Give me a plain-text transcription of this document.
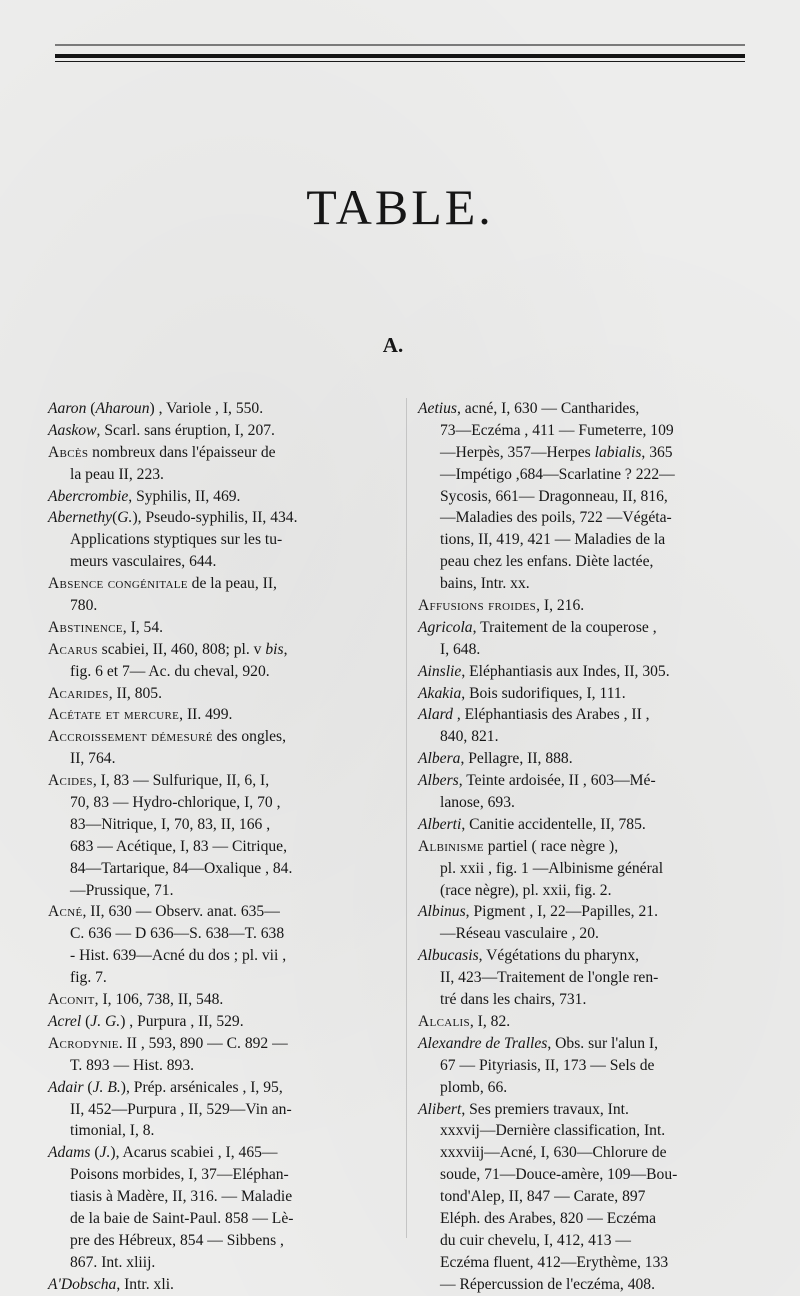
TABLE.
A.
Aaron (Aharoun) , Variole , I, 550.
Aaskow, Scarl. sans éruption, I, 207.
Abcès nombreux dans l'épaisseur de
la peau II, 223.
Abercrombie, Syphilis, II, 469.
Abernethy(G.), Pseudo-syphilis, II, 434.
Applications styptiques sur les tu-
meurs vasculaires, 644.
Absence congénitale de la peau, II,
780.
Abstinence, I, 54.
Acarus scabiei, II, 460, 808; pl. v bis,
fig. 6 et 7— Ac. du cheval, 920.
Acarides, II, 805.
Acétate et mercure, II. 499.
Accroissement démesuré des ongles,
II, 764.
Acides, I, 83 — Sulfurique, II, 6, I,
70, 83 — Hydro-chlorique, I, 70 ,
83—Nitrique, I, 70, 83, II, 166 ,
683 — Acétique, I, 83 — Citrique,
84—Tartarique, 84—Oxalique , 84.
—Prussique, 71.
Acné, II, 630 — Observ. anat. 635—
C. 636 — D 636—S. 638—T. 638
- Hist. 639—Acné du dos ; pl. vii ,
fig. 7.
Aconit, I, 106, 738, II, 548.
Acrel (J. G.) , Purpura , II, 529.
Acrodynie. II , 593, 890 — C. 892 —
T. 893 — Hist. 893.
Adair (J. B.), Prép. arsénicales , I, 95,
II, 452—Purpura , II, 529—Vin an-
timonial, I, 8.
Adams (J.), Acarus scabiei , I, 465—
Poisons morbides, I, 37—Eléphan-
tiasis à Madère, II, 316. — Maladie
de la baie de Saint-Paul. 858 — Lè-
pre des Hébreux, 854 — Sibbens ,
867. Int. xliij.
A'Dobscha, Intr. xli.
Aetius, acné, I, 630 — Cantharides,
73—Eczéma , 411 — Fumeterre, 109
—Herpès, 357—Herpes labialis, 365
—Impétigo ,684—Scarlatine ? 222—
Sycosis, 661— Dragonneau, II, 816,
—Maladies des poils, 722 —Végéta-
tions, II, 419, 421 — Maladies de la
peau chez les enfans. Diète lactée,
bains, Intr. xx.
Affusions froides, I, 216.
Agricola, Traitement de la couperose ,
I, 648.
Ainslie, Eléphantiasis aux Indes, II, 305.
Akakia, Bois sudorifiques, I, 111.
Alard , Eléphantiasis des Arabes , II ,
840, 821.
Albera, Pellagre, II, 888.
Albers, Teinte ardoisée, II , 603—Mé-
lanose, 693.
Alberti, Canitie accidentelle, II, 785.
Albinisme partiel ( race nègre ),
pl. xxii , fig. 1 —Albinisme général
(race nègre), pl. xxii, fig. 2.
Albinus, Pigment , I, 22—Papilles, 21.
—Réseau vasculaire , 20.
Albucasis, Végétations du pharynx,
II, 423—Traitement de l'ongle ren-
tré dans les chairs, 731.
Alcalis, I, 82.
Alexandre de Tralles, Obs. sur l'alun I,
67 — Pityriasis, II, 173 — Sels de
plomb, 66.
Alibert, Ses premiers travaux, Int.
xxxvij—Dernière classification, Int.
xxxviij—Acné, I, 630—Chlorure de
soude, 71—Douce-amère, 109—Bou-
tond'Alep, II, 847 — Carate, 897
Eléph. des Arabes, 820 — Eczéma
du cuir chevelu, I, 412, 413 —
Eczéma fluent, 412—Erythème, 133
— Répercussion de l'eczéma, 408.
